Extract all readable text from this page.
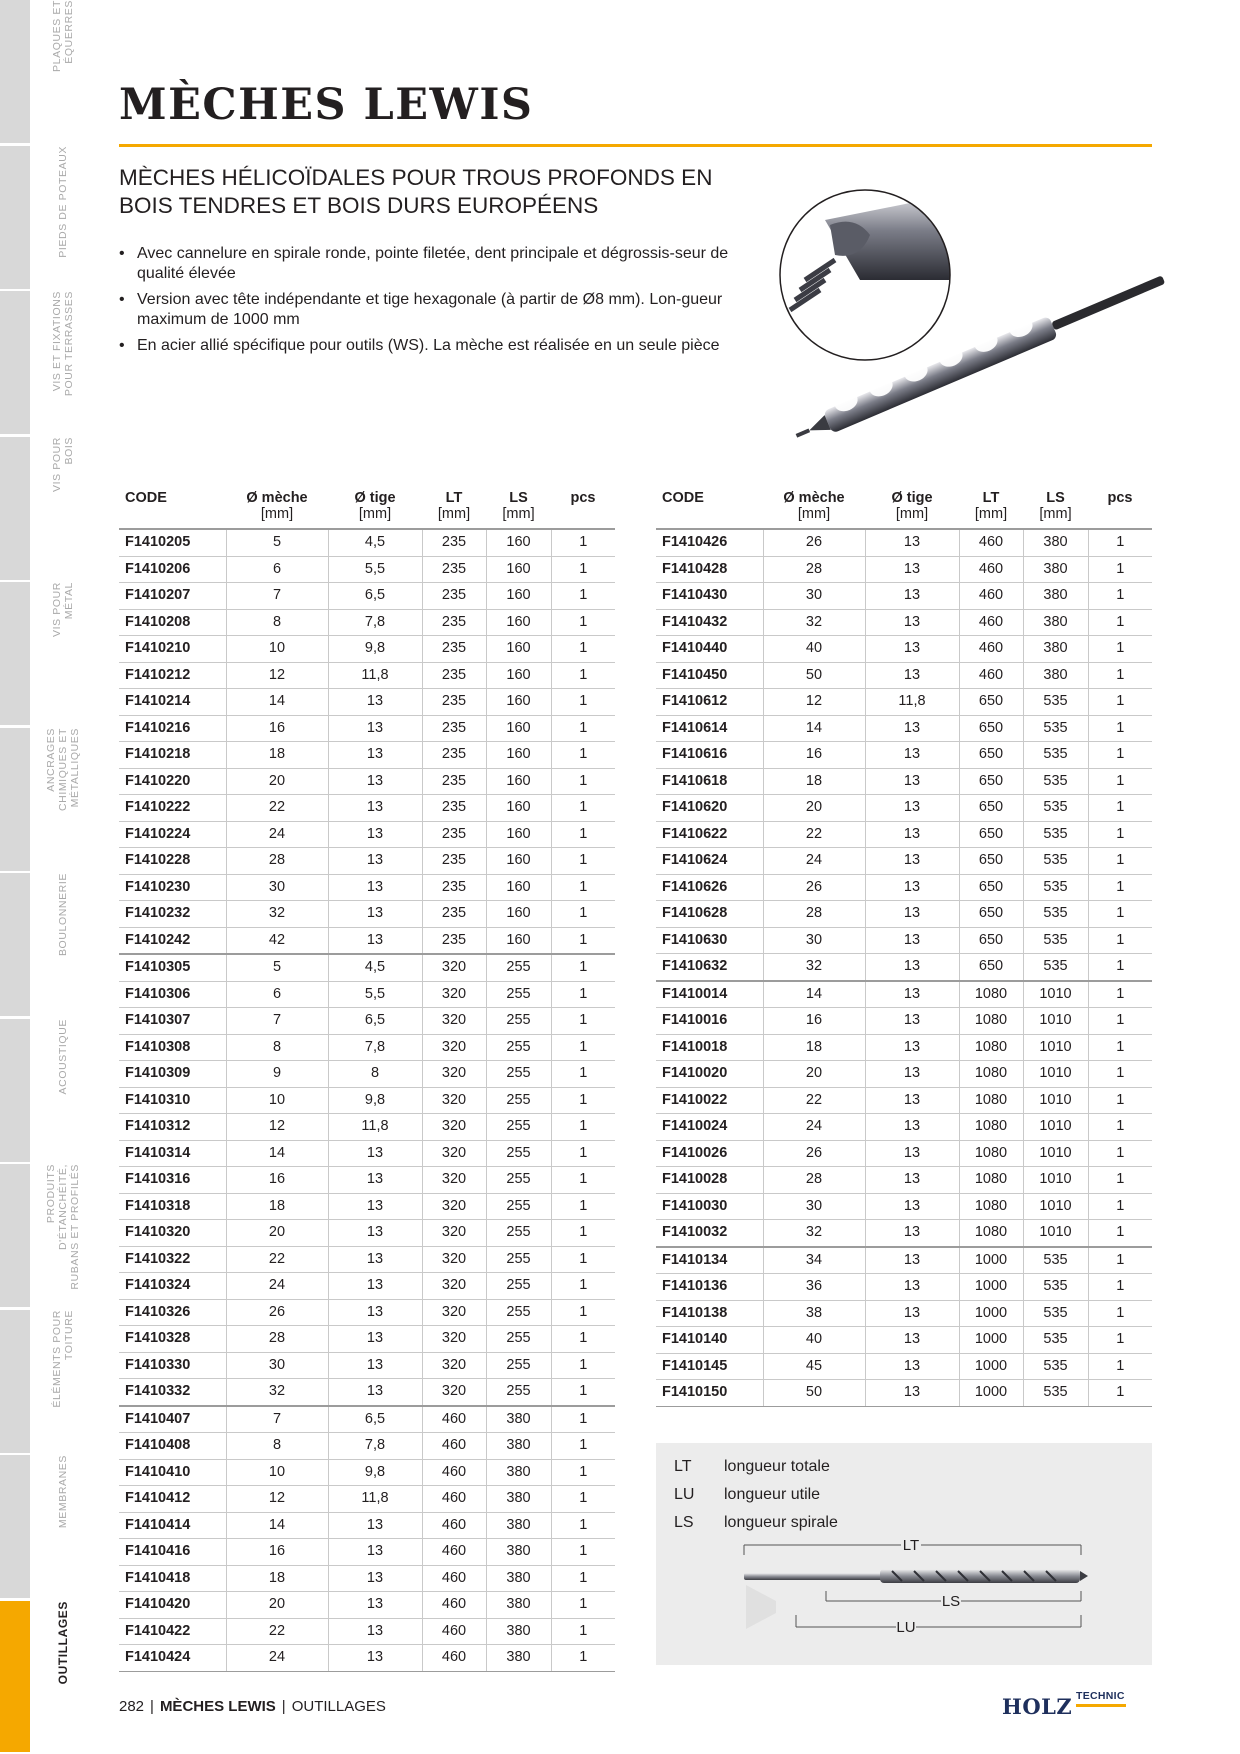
MÈCHES LEWIS
MÈCHES HÉLICOÏDALES POUR TROUS PROFONDS EN
BOIS TENDRES ET BOIS DURS EUROPÉENS
• Avec cannelure en spirale ronde, pointe filetée, dent principale et dégrossis-seur de qualité élevée
• Version avec tête indépendante et tige hexagonale (à partir de Ø8 mm). Lon-gueur maximum de 1000 mm
• En acier allié spécifique pour outils (WS). La mèche est réalisée en un seule pièce
CODE	Ø mèche	Ø tige	LT	LS	pcs
	[mm]	[mm]	[mm]	[mm]	
F1410205	5	4,5	235	160	1
F1410206	6	5,5	235	160	1
F1410207	7	6,5	235	160	1
F1410208	8	7,8	235	160	1
F1410210	10	9,8	235	160	1
F1410212	12	11,8	235	160	1
F1410214	14	13	235	160	1
F1410216	16	13	235	160	1
F1410218	18	13	235	160	1
F1410220	20	13	235	160	1
F1410222	22	13	235	160	1
F1410224	24	13	235	160	1
F1410228	28	13	235	160	1
F1410230	30	13	235	160	1
F1410232	32	13	235	160	1
F1410242	42	13	235	160	1
F1410305	5	4,5	320	255	1
F1410306	6	5,5	320	255	1
F1410307	7	6,5	320	255	1
F1410308	8	7,8	320	255	1
F1410309	9	8	320	255	1
F1410310	10	9,8	320	255	1
F1410312	12	11,8	320	255	1
F1410314	14	13	320	255	1
F1410316	16	13	320	255	1
F1410318	18	13	320	255	1
F1410320	20	13	320	255	1
F1410322	22	13	320	255	1
F1410324	24	13	320	255	1
F1410326	26	13	320	255	1
F1410328	28	13	320	255	1
F1410330	30	13	320	255	1
F1410332	32	13	320	255	1
F1410407	7	6,5	460	380	1
F1410408	8	7,8	460	380	1
F1410410	10	9,8	460	380	1
F1410412	12	11,8	460	380	1
F1410414	14	13	460	380	1
F1410416	16	13	460	380	1
F1410418	18	13	460	380	1
F1410420	20	13	460	380	1
F1410422	22	13	460	380	1
F1410424	24	13	460	380	1
CODE	Ø mèche	Ø tige	LT	LS	pcs
	[mm]	[mm]	[mm]	[mm]	
F1410426	26	13	460	380	1
F1410428	28	13	460	380	1
F1410430	30	13	460	380	1
F1410432	32	13	460	380	1
F1410440	40	13	460	380	1
F1410450	50	13	460	380	1
F1410612	12	11,8	650	535	1
F1410614	14	13	650	535	1
F1410616	16	13	650	535	1
F1410618	18	13	650	535	1
F1410620	20	13	650	535	1
F1410622	22	13	650	535	1
F1410624	24	13	650	535	1
F1410626	26	13	650	535	1
F1410628	28	13	650	535	1
F1410630	30	13	650	535	1
F1410632	32	13	650	535	1
F1410014	14	13	1080	1010	1
F1410016	16	13	1080	1010	1
F1410018	18	13	1080	1010	1
F1410020	20	13	1080	1010	1
F1410022	22	13	1080	1010	1
F1410024	24	13	1080	1010	1
F1410026	26	13	1080	1010	1
F1410028	28	13	1080	1010	1
F1410030	30	13	1080	1010	1
F1410032	32	13	1080	1010	1
F1410134	34	13	1000	535	1
F1410136	36	13	1000	535	1
F1410138	38	13	1000	535	1
F1410140	40	13	1000	535	1
F1410145	45	13	1000	535	1
F1410150	50	13	1000	535	1
LT longueur totale
LU longueur utile
LS longueur spirale
LT
LS
LU
282 | MÈCHES LEWIS | OUTILLAGES	HOLZ TECHNIC
PLAQUES ET ÉQUERRES
PIEDS DE POTEAUX
VIS ET FIXATIONS POUR TERRASSES
VIS POUR BOIS
VIS POUR MÉTAL
ANCRAGES CHIMIQUES ET MÉTALLIQUES
BOULONNERIE
ACOUSTIQUE
PRODUITS D'ÉTANCHÉITÉ, RUBANS ET PROFILÉS
ÉLÉMENTS POUR TOITURE
MEMBRANES
OUTILLAGES
